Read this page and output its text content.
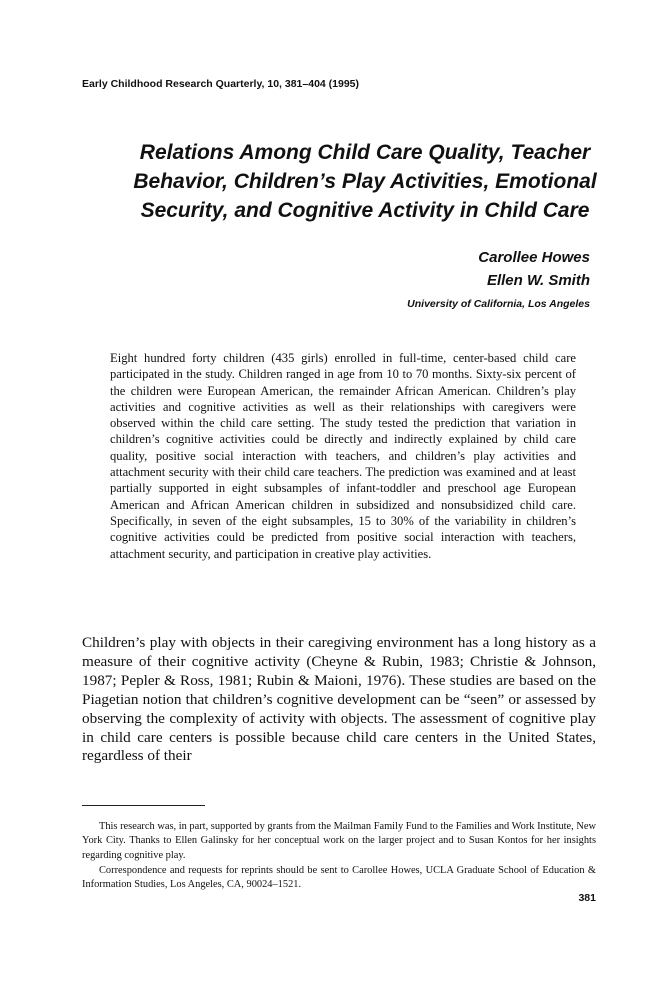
Early Childhood Research Quarterly, 10, 381–404 (1995)
Relations Among Child Care Quality, Teacher Behavior, Children’s Play Activities, Emotional Security, and Cognitive Activity in Child Care
Carollee Howes
Ellen W. Smith
University of California, Los Angeles

Eight hundred forty children (435 girls) enrolled in full-time, center-based child care participated in the study. Children ranged in age from 10 to 70 months. Sixty-six percent of the children were European American, the remainder African American. Children’s play activities and cognitive activities as well as their relationships with caregivers were observed within the child care setting. The study tested the prediction that variation in children’s cognitive activities could be directly and indirectly explained by child care quality, positive social interaction with teachers, and children’s play activities and attachment security with their child care teachers. The prediction was examined and at least partially supported in eight subsamples of infant-toddler and preschool age European American and African American children in subsidized and nonsubsidized child care. Specifically, in seven of the eight subsamples, 15 to 30% of the variability in children’s cognitive activities could be predicted from positive social interaction with teachers, attachment security, and participation in creative play activities.

Children’s play with objects in their caregiving environment has a long history as a measure of their cognitive activity (Cheyne & Rubin, 1983; Christie & Johnson, 1987; Pepler & Ross, 1981; Rubin & Maioni, 1976). These studies are based on the Piagetian notion that children’s cognitive development can be “seen” or assessed by observing the complexity of activity with objects. The assessment of cognitive play in child care centers is possible because child care centers in the United States, regardless of their

This research was, in part, supported by grants from the Mailman Family Fund to the Families and Work Institute, New York City. Thanks to Ellen Galinsky for her conceptual work on the larger project and to Susan Kontos for her insights regarding cognitive play.

Correspondence and requests for reprints should be sent to Carollee Howes, UCLA Graduate School of Education & Information Studies, Los Angeles, CA, 90024–1521.

381
